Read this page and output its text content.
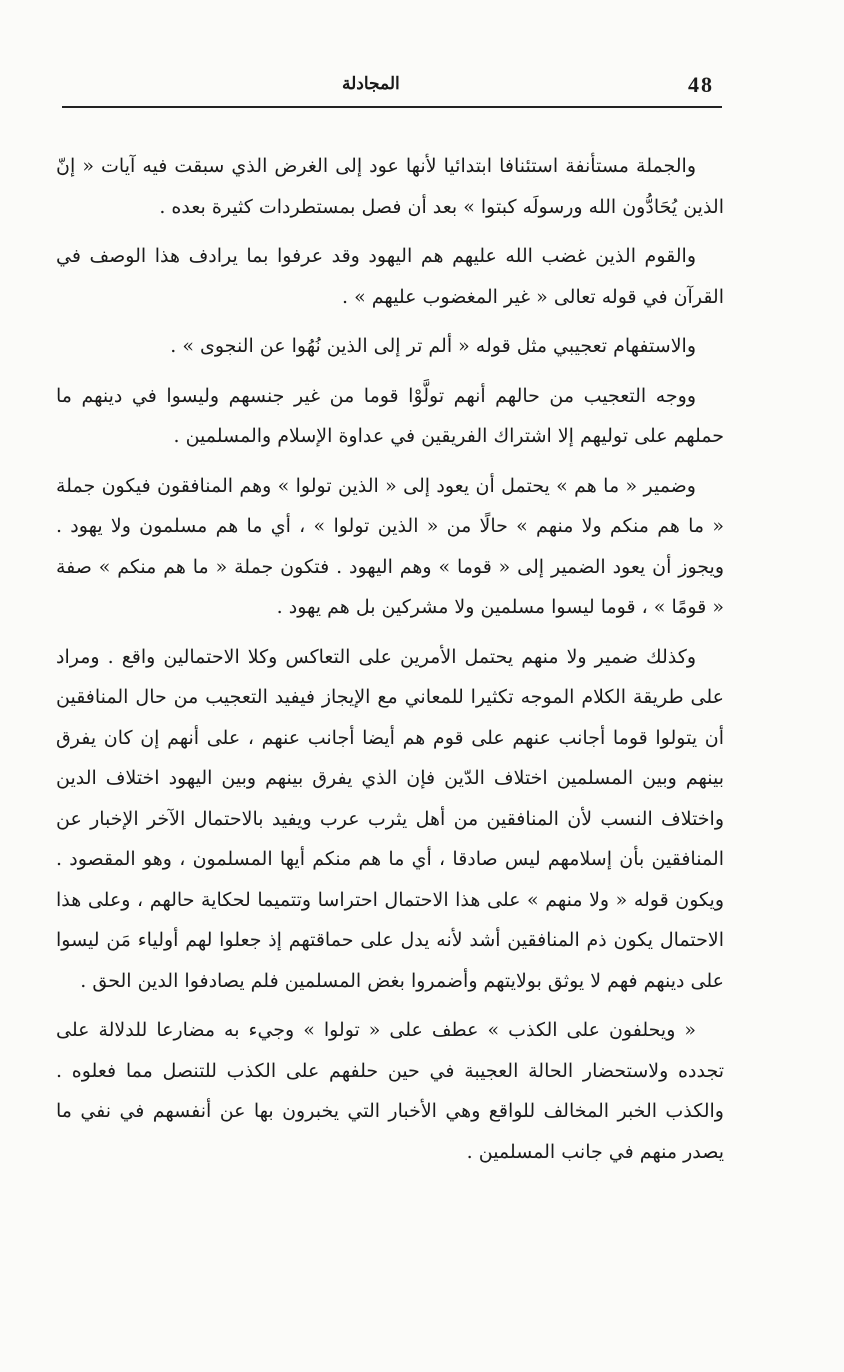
المجادلة	48

والجملة مستأنفة استئنافا ابتدائيا لأنها عود إلى الغرض الذي سبقت فيه آيات « إنّ الذين يُحَادُّون الله ورسولَه كبتوا » بعد أن فصل بمستطردات كثيرة بعده .

والقوم الذين غضب الله عليهم هم اليهود وقد عرفوا بما يرادف هذا الوصف في القرآن في قوله تعالى « غير المغضوب عليهم » .

والاستفهام تعجيبي مثل قوله « ألم تر إلى الذين نُهُوا عن النجوى » .

ووجه التعجيب من حالهم أنهم تولَّوْا قوما من غير جنسهم وليسوا في دينهم ما حملهم على توليهم إلا اشتراك الفريقين في عداوة الإسلام والمسلمين .

وضمير « ما هم » يحتمل أن يعود إلى « الذين تولوا » وهم المنافقون فيكون جملة « ما هم منكم ولا منهم » حالًا من « الذين تولوا » ، أي ما هم مسلمون ولا يهود . ويجوز أن يعود الضمير إلى « قوما » وهم اليهود . فتكون جملة « ما هم منكم » صفة « قومًا » ، قوما ليسوا مسلمين ولا مشركين بل هم يهود .

وكذلك ضمير ولا منهم يحتمل الأمرين على التعاكس وكلا الاحتمالين واقع . ومراد على طريقة الكلام الموجه تكثيرا للمعاني مع الإيجاز فيفيد التعجيب من حال المنافقين أن يتولوا قوما أجانب عنهم على قوم هم أيضا أجانب عنهم ، على أنهم إن كان يفرق بينهم وبين المسلمين اختلاف الدّين فإن الذي يفرق بينهم وبين اليهود اختلاف الدين واختلاف النسب لأن المنافقين من أهل يثرب عرب ويفيد بالاحتمال الآخر الإخبار عن المنافقين بأن إسلامهم ليس صادقا ، أي ما هم منكم أيها المسلمون ، وهو المقصود . ويكون قوله « ولا منهم » على هذا الاحتمال احتراسا وتتميما لحكاية حالهم ، وعلى هذا الاحتمال يكون ذم المنافقين أشد لأنه يدل على حماقتهم إذ جعلوا لهم أولياء مَن ليسوا على دينهم فهم لا يوثق بولايتهم وأضمروا بغض المسلمين فلم يصادفوا الدين الحق .

« ويحلفون على الكذب » عطف على « تولوا » وجيء به مضارعا للدلالة على تجدده ولاستحضار الحالة العجيبة في حين حلفهم على الكذب للتنصل مما فعلوه . والكذب الخبر المخالف للواقع وهي الأخبار التي يخبرون بها عن أنفسهم في نفي ما يصدر منهم في جانب المسلمين .
